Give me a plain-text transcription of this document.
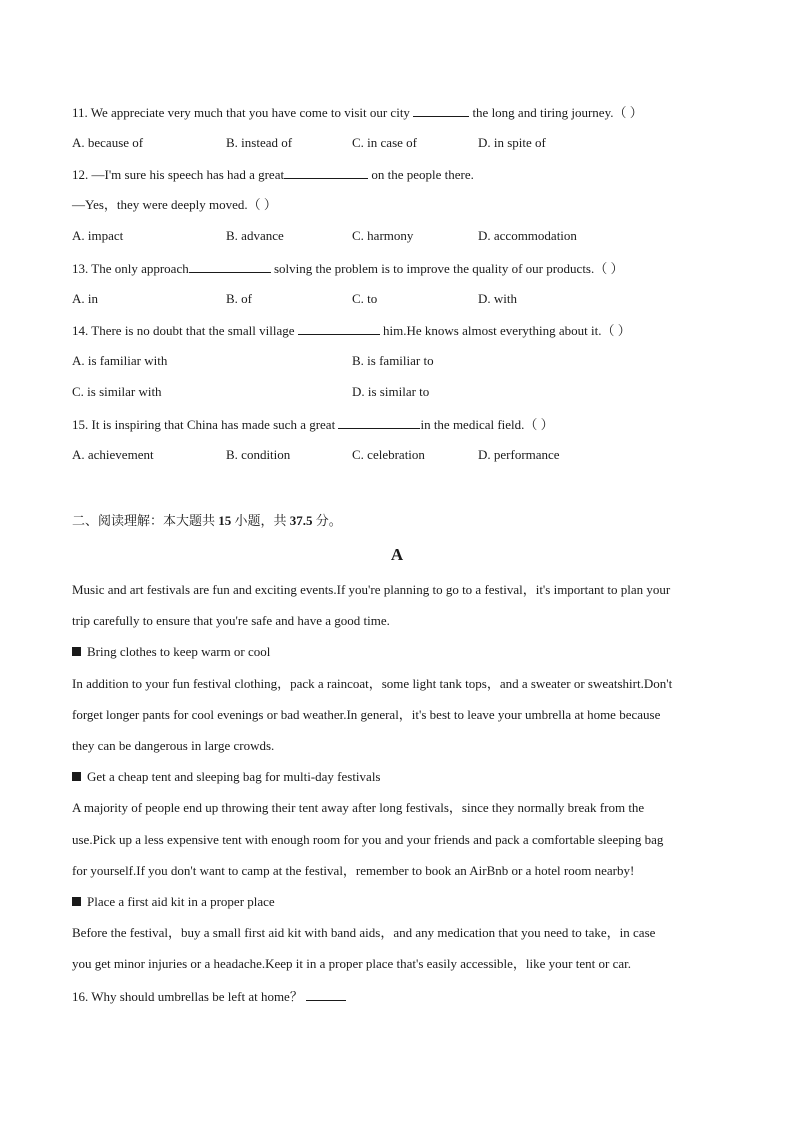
11. We appreciate very much that you have come to visit our city	the long and tiring journey.（ ）
A. because of	B. instead of	C. in case of	D. in spite of
12. —I'm sure his speech has had a great	on the people there.
—Yes，they were deeply moved.（ ）
A. impact	B. advance	C. harmony	D. accommodation
13. The only approach	solving the problem is to improve the quality of our products.（ ）
A. in	B. of	C. to	D. with
14. There is no doubt that the small village	him.He knows almost everything about it.（ ）
A. is familiar with	B. is familiar to
C. is similar with	D. is similar to
15. It is inspiring that China has made such a great	in the medical field.（ ）
A. achievement	B. condition	C. celebration	D. performance
二、阅读理解：本大题共 15 小题，共 37.5 分。
A
Music and art festivals are fun and exciting events.If you're planning to go to a festival，it's important to plan your
trip carefully to ensure that you're safe and have a good time.
Bring clothes to keep warm or cool
In addition to your fun festival clothing，pack a raincoat，some light tank tops，and a sweater or sweatshirt.Don't
forget longer pants for cool evenings or bad weather.In general，it's best to leave your umbrella at home because
they can be dangerous in large crowds.
Get a cheap tent and sleeping bag for multi-day festivals
A majority of people end up throwing their tent away after long festivals，since they normally break from the
use.Pick up a less expensive tent with enough room for you and your friends and pack a comfortable sleeping bag
for yourself.If you don't want to camp at the festival，remember to book an AirBnb or a hotel room nearby!
Place a first aid kit in a proper place
Before the festival，buy a small first aid kit with band aids，and any medication that you need to take，in case
you get minor injuries or a headache.Keep it in a proper place that's easily accessible，like your tent or car.
16. Why should umbrellas be left at home？
